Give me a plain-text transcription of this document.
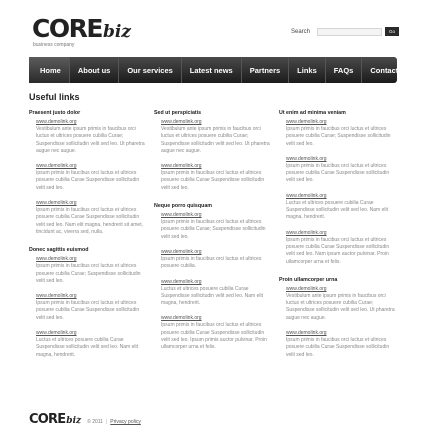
COREbiz
business company
Search	Go
Home	About us	Our services	Latest news	Partners	Links	FAQs	Contacts
Useful links
Praesent justo dolor
www.demolink.org
Vestibulum ante ipsum primis in faucibus orci luctus et ultrices posuere cubilia Curae; Suspendisse sollicitudin velit sed leo. Ut pharetra augue nec augue.
www.demolink.org
Ipsum primis in faucibus orci luctus et ultrices posuere cubilia Curae Suspendisse sollicitudin velit sed leo.
www.demolink.org
Ipsum primis in faucibus orci luctus et ultrices posuere cubilia Curae Suspendisse sollicitudin velit sed leo. Nam elit magna, hendrerit sit amet, tincidunt ac, viverra sed, nulla.
Donec sagittis euismod
www.demolink.org
Ipsum primis in faucibus orci luctus et ultrices posuere cubilia Curae; Suspendisse sollicitudin velit sed leo.
www.demolink.org
Ipsum primis in faucibus orci luctus et ultrices posuere cubilia Curae Suspendisse sollicitudin velit sed leo.
www.demolink.org
Luctus et ultrices posuere cubilia Curae Suspendisse sollicitudin velit sed leo. Nam elit magna, hendrerit.
Sed ut perspiciatis
www.demolink.org
Vestibulum ante ipsum primis in faucibus orci luctus et ultrices posuere cubilia Curae; Suspendisse sollicitudin velit sed leo. Ut pharetra augue nec augue.
www.demolink.org
Ipsum primis in faucibus orci luctus et ultrices posuere cubilia Curae Suspendisse sollicitudin velit sed leo.
Neque porro quisquam
www.demolink.org
Ipsum primis in faucibus orci luctus et ultrices posuere cubilia Curae; Suspendisse sollicitudin velit sed leo.
www.demolink.org
Ipsum primis in faucibus orci luctus et ultrices posuere cubilia.
www.demolink.org
Luctus et ultrices posuere cubilia Curae Suspendisse sollicitudin velit sed leo. Nam elit magna, hendrerit.
www.demolink.org
Ipsum primis in faucibus orci luctus et ultrices posuere cubilia Curae Suspendisse sollicitudin velit sed leo. Ipsum primis auctor pulvinar. Proin ullamcorper urna et felis.
Ut enim ad minima veniam
www.demolink.org
Ipsum primis in faucibus orci luctus et ultrices posuere cubilia Curae; Suspendisse sollicitudin velit sed leo.
www.demolink.org
Ipsum primis in faucibus orci luctus et ultrices posuere cubilia Curae Suspendisse sollicitudin velit sed leo.
www.demolink.org
Luctus et ultrices posuere cubilia Curae Suspendisse sollicitudin velit sed leo. Nam elit magna, hendrerit.
www.demolink.org
Ipsum primis in faucibus orci luctus et ultrices posuere cubilia Curae Suspendisse sollicitudin velit sed leo. Nam ipsum auctor pulvinar. Proin ullamcorper urna et felis.
Proin ullamcorper urna
www.demolink.org
Vestibulum ante ipsum primis in faucibus orci luctus et ultrices posuere cubilia Curae; Suspendisse sollicitudin velit sed leo. Ut pharetra augue nec augue.
www.demolink.org
Ipsum primis in faucibus orci luctus et ultrices posuere cubilia Curae Suspendisse sollicitudin velit sed leo.
CORE biz © 2011 | Privacy policy
